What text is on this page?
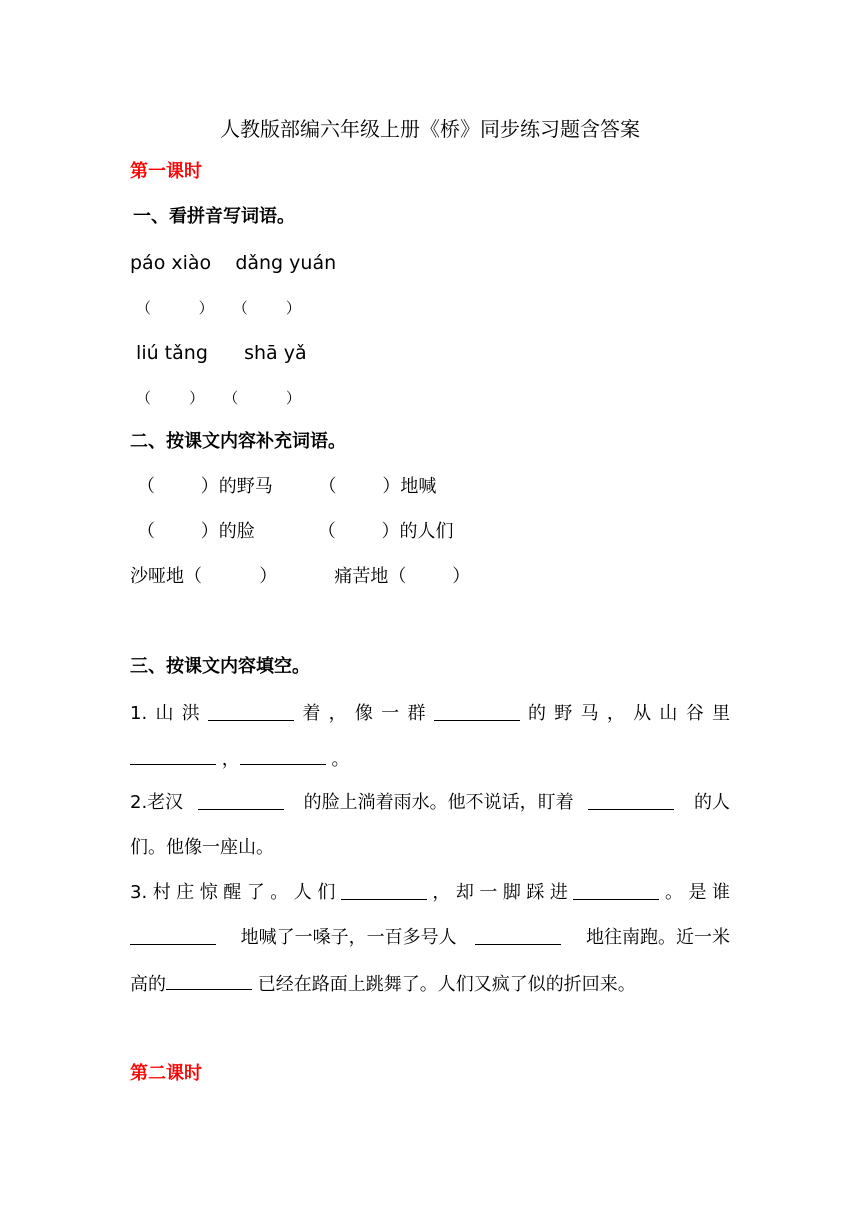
人教版部编六年级上册《桥》同步练习题含答案
第一课时
一、看拼音写词语。
páo xiào    dǎng yuán
（          ）    （        ）
liú tǎng      shā yǎ
（        ）    （          ）
二、按课文内容补充词语。
（        ）的野马        （        ）地喊
（        ）的脸           （        ）的人们
沙哑地（          ）          痛苦地（        ）
三、按课文内容填空。
1. 山 洪	着 ， 像 一 群	的 野 马 ， 从 山 谷 里
，	。
2.老汉	的脸上淌着雨水。他不说话，盯着	的人
们。他像一座山。
3. 村 庄 惊 醒 了 。 人 们	， 却 一 脚 踩 进	。 是 谁
地喊了一嗓子，一百多号人	地往南跑。近一米
高的	已经在路面上跳舞了。人们又疯了似的折回来。
第二课时
